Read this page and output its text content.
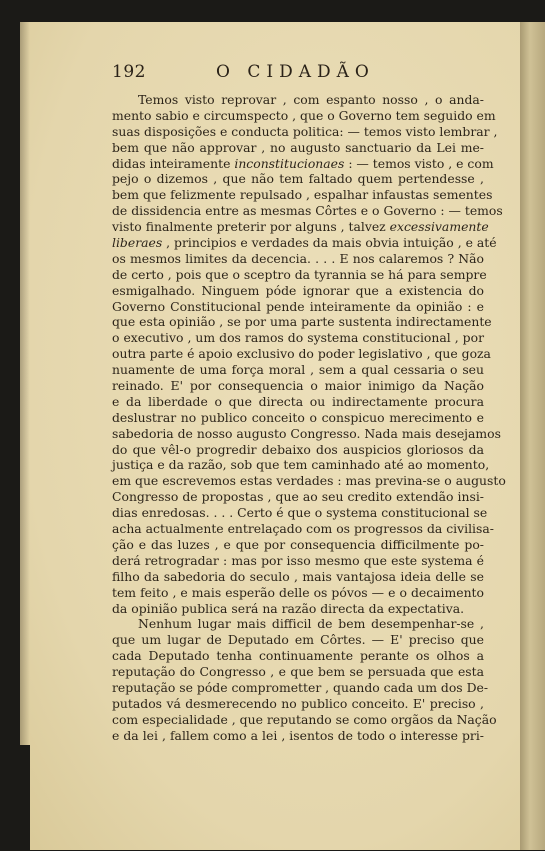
192	O CIDADÃO
Temos visto reprovar , com espanto nosso , o anda-
mento sabio e circumspecto , que o Governo tem seguido em
suas disposições e conducta politica: — temos visto lembrar ,
bem que não approvar , no augusto sanctuario da Lei me-
didas inteiramente inconstitucionaes : — temos visto , e com
pejo o dizemos , que não tem faltado quem pertendesse ,
bem que felizmente repulsado , espalhar infaustas sementes
de dissidencia entre as mesmas Côrtes e o Governo : — temos
visto finalmente preterir por alguns , talvez excessivamente
liberaes , principios e verdades da mais obvia intuição , e até
os mesmos limites da decencia. . . . E nos calaremos ? Não
de certo , pois que o sceptro da tyrannia se há para sempre
esmigalhado. Ninguem póde ignorar que a existencia do
Governo Constitucional pende inteiramente da opinião : e
que esta opinião , se por uma parte sustenta indirectamente
o executivo , um dos ramos do systema constitucional , por
outra parte é apoio exclusivo do poder legislativo , que goza
nuamente de uma força moral , sem a qual cessaria o seu
reinado. E' por consequencia o maior inimigo da Nação
e da liberdade o que directa ou indirectamente procura
deslustrar no publico conceito o conspicuo merecimento e
sabedoria de nosso augusto Congresso. Nada mais desejamos
do que vêl-o progredir debaixo dos auspicios gloriosos da
justiça e da razão, sob que tem caminhado até ao momento,
em que escrevemos estas verdades : mas previna-se o augusto
Congresso de propostas , que ao seu credito extendão insi-
dias enredosas. . . . Certo é que o systema constitucional se
acha actualmente entrelaçado com os progressos da civilisa-
ção e das luzes , e que por consequencia difficilmente po-
derá retrogradar : mas por isso mesmo que este systema é
filho da sabedoria do seculo , mais vantajosa ideia delle se
tem feito , e mais esperão delle os póvos — e o decaimento
da opinião publica será na razão directa da expectativa.
Nenhum lugar mais difficil de bem desempenhar-se ,
que um lugar de Deputado em Côrtes. — E' preciso que
cada Deputado tenha continuamente perante os olhos a
reputação do Congresso , e que bem se persuada que esta
reputação se póde comprometter , quando cada um dos De-
putados vá desmerecendo no publico conceito. E' preciso ,
com especialidade , que reputando se como orgãos da Nação
e da lei , fallem como a lei , isentos de todo o interesse pri-
